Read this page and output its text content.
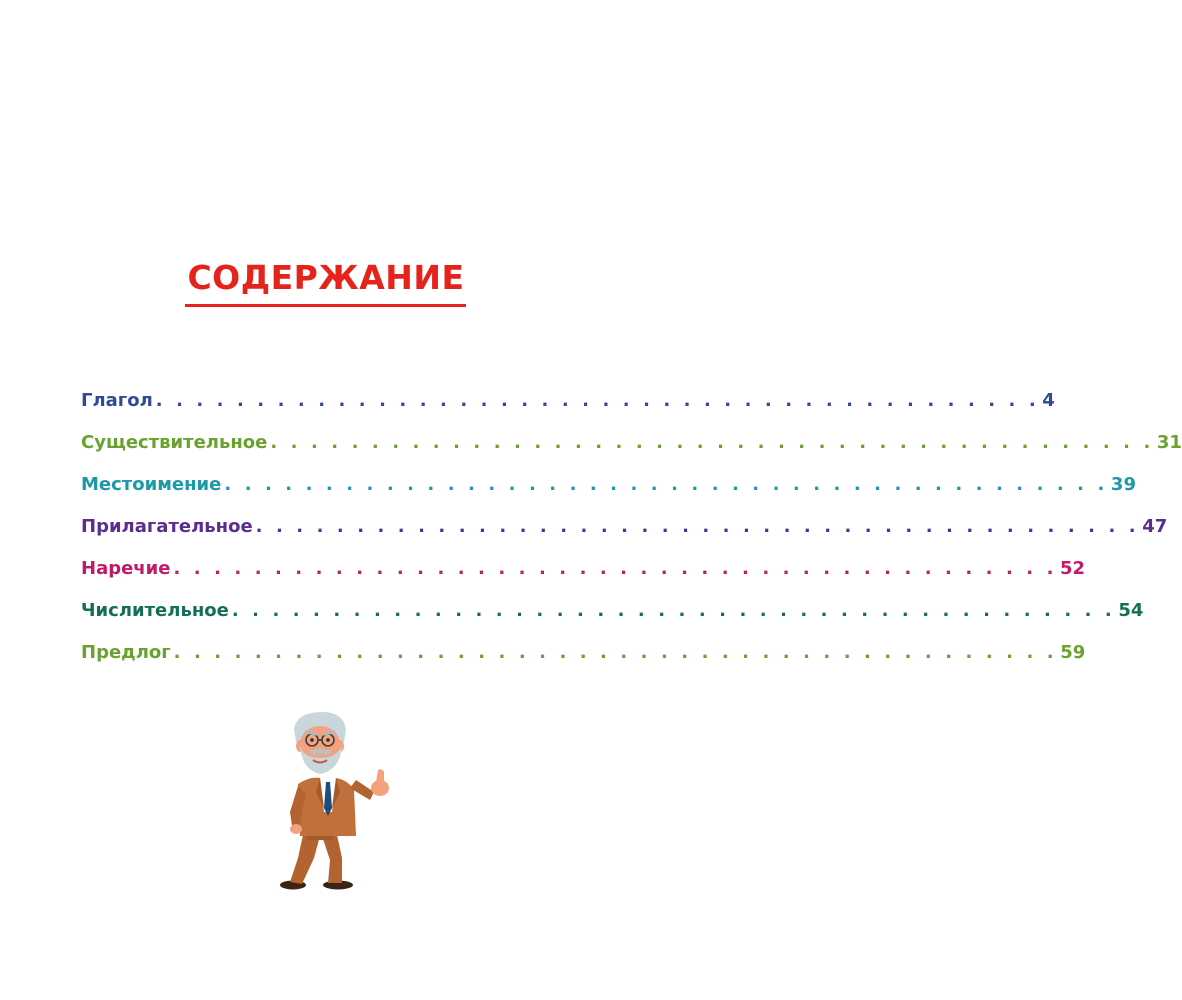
СОДЕРЖАНИЕ
Глагол . . . . . . . . . . . . . . . . . . . . . . . . . . . . . . . . . . . . . . . . . . . . 4
Существительное . . . . . . . . . . . . . . . . . . . . . . . . . . . . . . . . . . . . . . . . . . . . 31
Местоимение . . . . . . . . . . . . . . . . . . . . . . . . . . . . . . . . . . . . . . . . . . . . 39
Прилагательное . . . . . . . . . . . . . . . . . . . . . . . . . . . . . . . . . . . . . . . . . . . . 47
Наречие . . . . . . . . . . . . . . . . . . . . . . . . . . . . . . . . . . . . . . . . . . . . 52
Числительное . . . . . . . . . . . . . . . . . . . . . . . . . . . . . . . . . . . . . . . . . . . . 54
Предлог . . . . . . . . . . . . . . . . . . . . . . . . . . . . . . . . . . . . . . . . . . . . 59
